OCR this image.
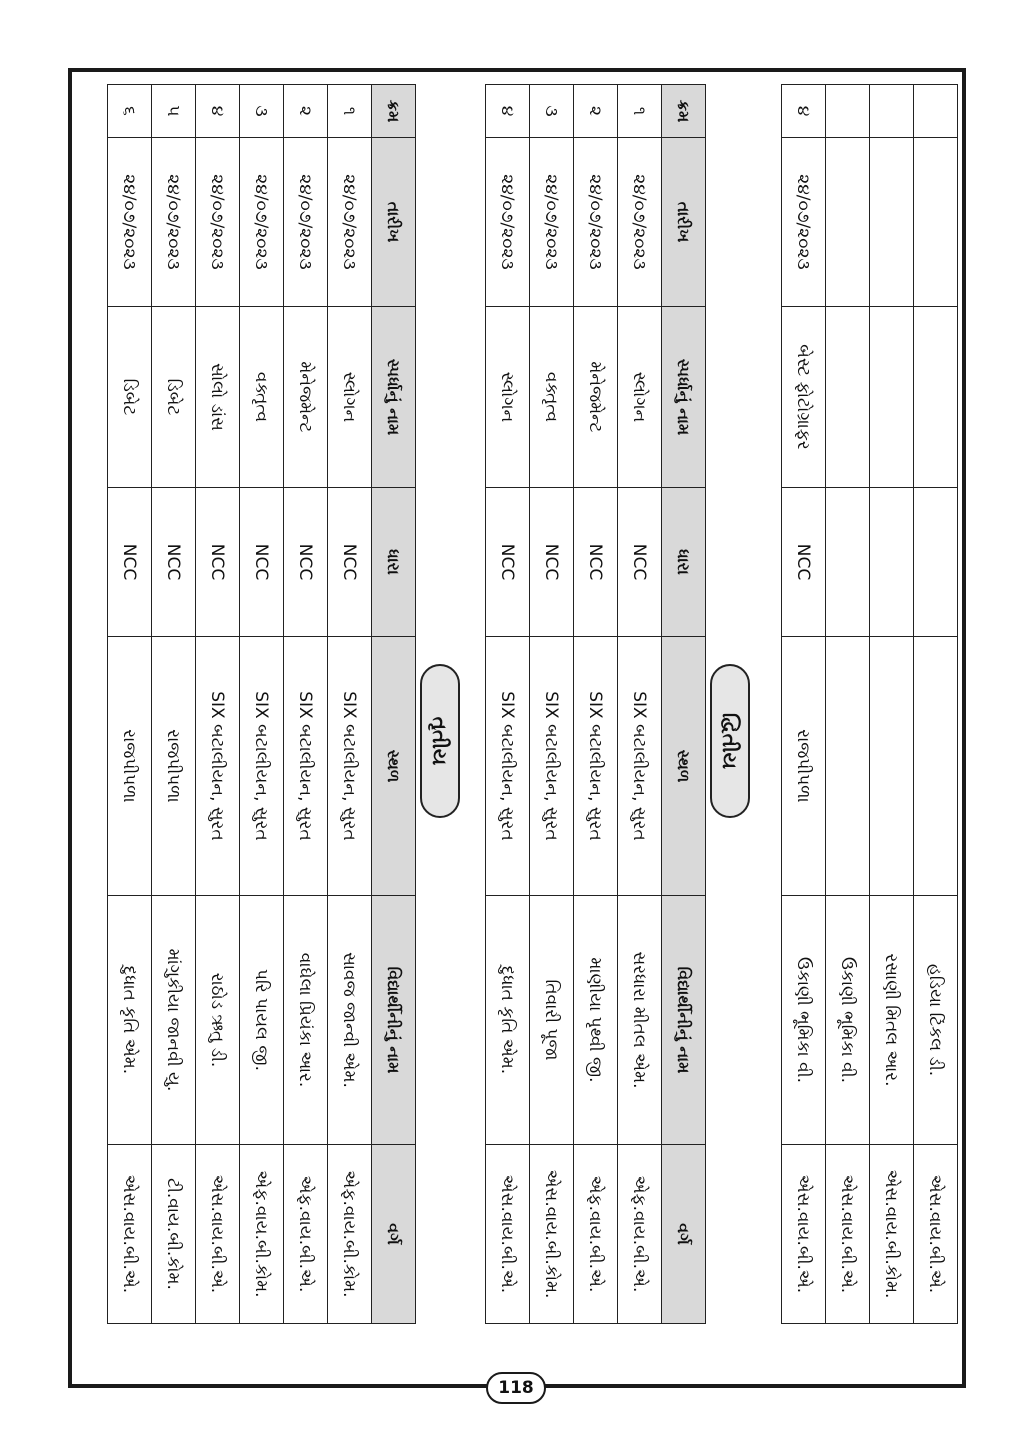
					હડિયા ટિંકલ ડી.	એસ.વાય.બી.એ.
					રસાણી મિતલ આર.	એસ.વાય.બી.કોમ.
					ઉકાણી ભૂમિકા વી.	એસ.વાય.બી.એ.
૪	૨૪/૦૭/૨૦૨૩	બેસ્ટ ફોટોગ્રાફર	NCC	રાજપીપળા	ઉકાણી ભૂમિકા વી.	એસ.વાય.બી.એ.
દ્વિતીય
ક્રમ	તારીખ	સ્પર્ધાનું નામ	ધારા	સ્થળ	વિદ્યાર્થીનીનું નામ	વર્ગ
૧	૨૪/૦૭/૨૦૨૩	સ્લોગન	NCC	SIX બટાલીયન, સુરત	સરધારા મીતલ એમ.	એફ.વાય.બી.એ.
૨	૨૪/૦૭/૨૦૨૩	મેનેજમેન્ટ	NCC	SIX બટાલીયન, સુરત	માણીયા પૃથ્વી જી.	એફ.વાય.બી.એ.
૩	૨૪/૦૭/૨૦૨૩	વક્તૃત્વ	NCC	SIX બટાલીયન, સુરત	તિવારી પૂજા	એસ.વાય.બી.કોમ.
૪	૨૪/૦૭/૨૦૨૩	સ્લોગન	NCC	SIX બટાલીયન, સુરત	દુધાત કૃતિ એમ.	એસ.વાય.બી.એ.
તૃતીય
ક્રમ	તારીખ	સ્પર્ધાનું નામ	ધારા	સ્થળ	વિદ્યાર્થીનીનું નામ	વર્ગ
૧	૨૪/૦૭/૨૦૨૩	સ્લોગન	NCC	SIX બટાલીયન, સુરત	સાવજ જાન્વી એમ.	એફ.વાય.બી.કોમ.
૨	૨૪/૦૭/૨૦૨૩	મેનેજમેન્ટ	NCC	SIX બટાલીયન, સુરત	વાઘેલા પ્રિયંકા આર.	એફ.વાય.બી.એ.
૩	૨૪/૦૭/૨૦૨૩	વક્તૃત્વ	NCC	SIX બટાલીયન, સુરત	પરિ પાયલ જી.	એફ.વાય.બી.કોમ.
૪	૨૪/૦૭/૨૦૨૩	સોલો ડાંસ	NCC	SIX બટાલીયન, સુરત	રાઠોડ ઋતુ ડી.	એસ.વાય.બી.એ.
૫	૨૪/૦૭/૨૦૨૩	ડિબેટ	NCC	રાજપીપળા	માંગુકીયા જાનવી યુ.	ટી.વાય.બી.કોમ.
૬	૨૪/૦૭/૨૦૨૩	ડિબેટ	NCC	રાજપીપળા	દુધાત કૃતિ એમ.	એસ.વાય.બી.એ.
118
